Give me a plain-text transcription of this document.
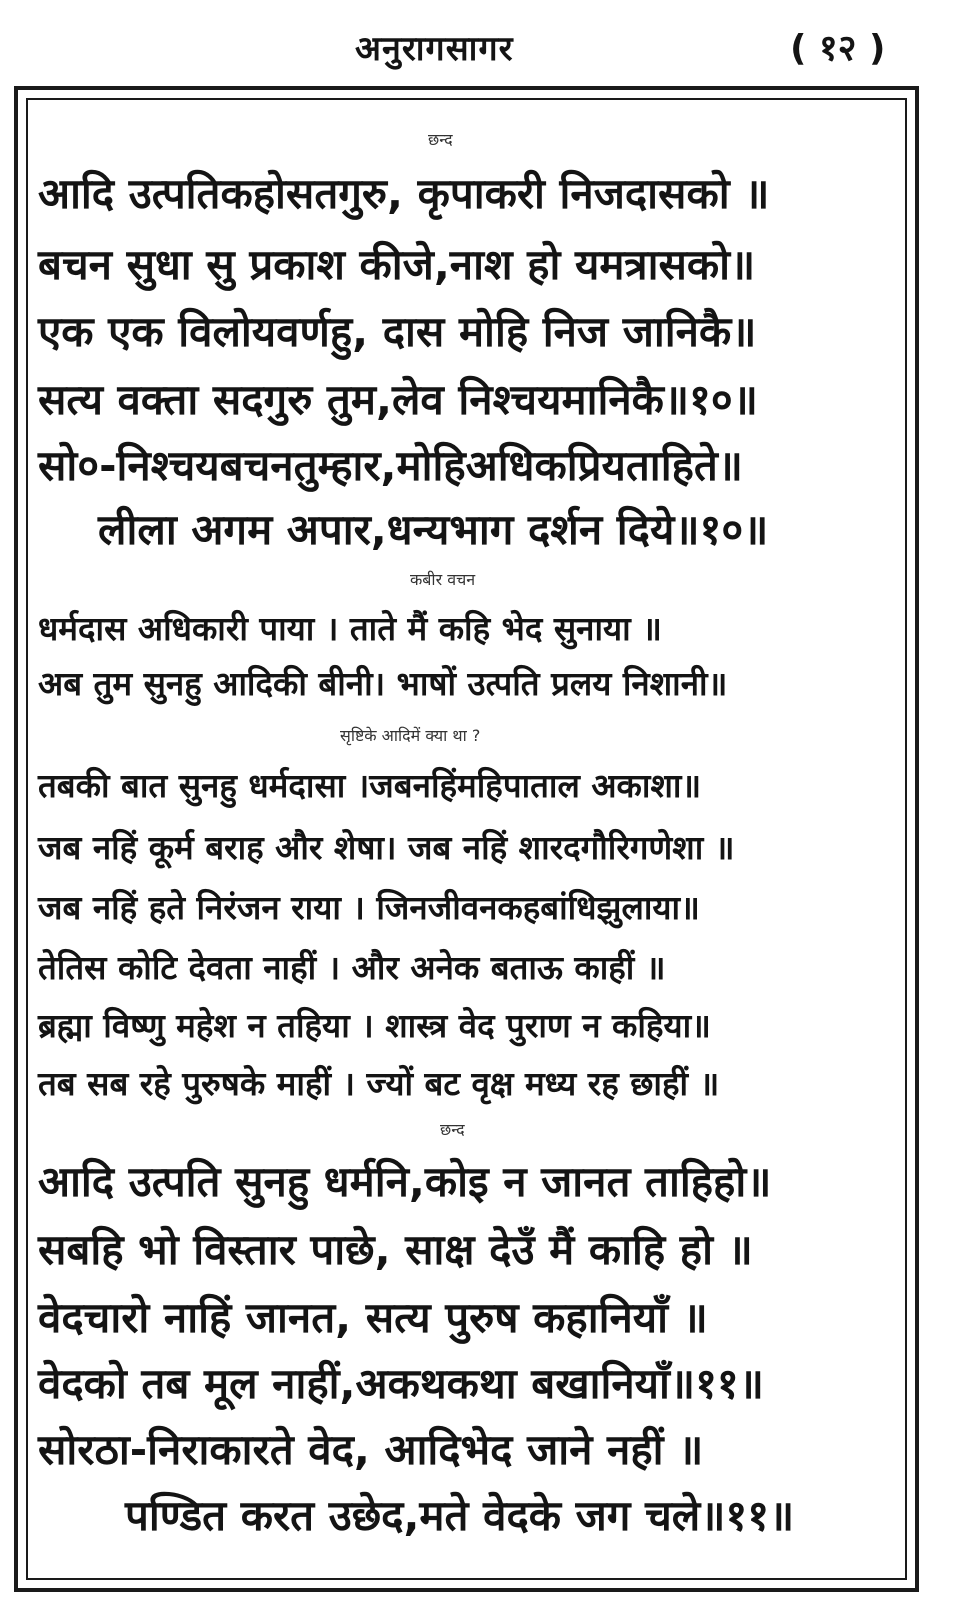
अनुरागसागर	( १२ )
छन्द
आदि उत्पतिकहोसतगुरु, कृपाकरी निजदासको ॥
बचन सुधा सु प्रकाश कीजे,नाश हो यमत्रासको॥
एक एक विलोयवर्णहु, दास मोहि निज जानिकै॥
सत्य वक्ता सदगुरु तुम,लेव निश्चयमानिकै॥१०॥
सो०-निश्चयबचनतुम्हार,मोहिअधिकप्रियताहिते॥
लीला अगम अपार,धन्यभाग दर्शन दिये॥१०॥
कबीर वचन
धर्मदास अधिकारी पाया । ताते मैं कहि भेद सुनाया ॥
अब तुम सुनहु आदिकी बीनी। भाषों उत्पति प्रलय निशानी॥
सृष्टिके आदिमें क्या था ?
तबकी बात सुनहु धर्मदासा ।जबनहिंमहिपाताल अकाशा॥
जब नहिं कूर्म बराह और शेषा। जब नहिं शारदगौरिगणेशा ॥
जब नहिं हते निरंजन राया । जिनजीवनकहबांधिझुलाया॥
तेतिस कोटि देवता नाहीं । और अनेक बताऊ काहीं ॥
ब्रह्मा विष्णु महेश न तहिया । शास्त्र वेद पुराण न कहिया॥
तब सब रहे पुरुषके माहीं । ज्यों बट वृक्ष मध्य रह छाहीं ॥
छन्द
आदि उत्पति सुनहु धर्मनि,कोइ न जानत ताहिहो॥
सबहि भो विस्तार पाछे, साक्ष देउँ मैं काहि हो ॥
वेदचारो नाहिं जानत, सत्य पुरुष कहानियाँ ॥
वेदको तब मूल नाहीं,अकथकथा बखानियाँ॥११॥
सोरठा-निराकारते वेद, आदिभेद जाने नहीं ॥
पण्डित करत उछेद,मते वेदके जग चले॥११॥
